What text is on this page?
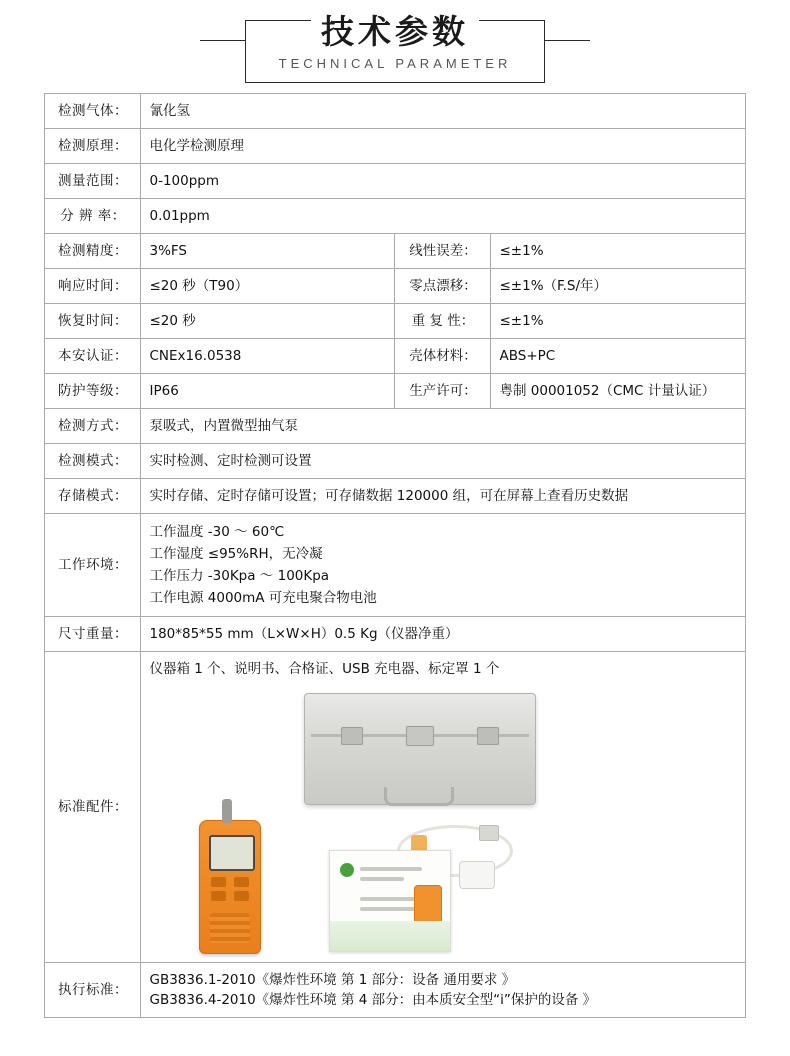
技术参数 TECHNICAL PARAMETER
检测气体：	氰化氢		
检测原理：	电化学检测原理		
测量范围：	0-100ppm		
分 辨 率：	0.01ppm		
检测精度：	3%FS	线性误差：	≤±1%
响应时间：	≤20 秒（T90）	零点漂移：	≤±1%（F.S/年）
恢复时间：	≤20 秒	重 复 性：	≤±1%
本安认证：	CNEx16.0538	壳体材料：	ABS+PC
防护等级：	IP66	生产许可：	粤制 00001052（CMC 计量认证）
检测方式：	泵吸式，内置微型抽气泵		
检测模式：	实时检测、定时检测可设置		
存储模式：	实时存储、定时存储可设置；可存储数据 120000 组，可在屏幕上查看历史数据		
工作环境：	工作温度 -30 ～ 60℃
工作湿度 ≤95%RH，无冷凝
工作压力 -30Kpa ～ 100Kpa
工作电源 4000mA 可充电聚合物电池		

尺寸重量：	180*85*55 mm（L×W×H）0.5 Kg（仪器净重）		
标准配件：	仪器箱 1 个、说明书、合格证、USB 充电器、标定罩 1 个		

执行标准：	GB3836.1-2010《爆炸性环境 第 1 部分：设备 通用要求 》
GB3836.4-2010《爆炸性环境 第 4 部分：由本质安全型“i”保护的设备 》		
